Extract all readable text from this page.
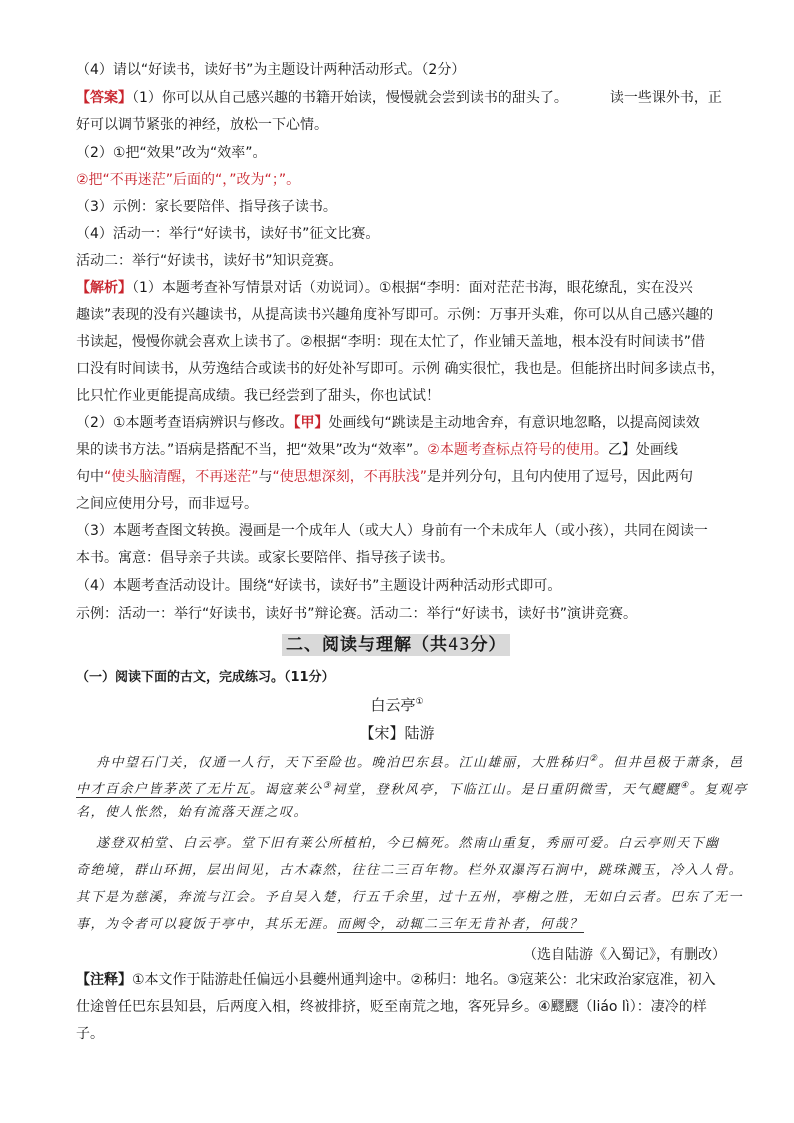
（4）请以“好读书，读好书”为主题设计两种活动形式。（2分）
【答案】（1）你可以从自己感兴趣的书籍开始读，慢慢就会尝到读书的甜头了。	读一些课外书，正
好可以调节紧张的神经，放松一下心情。
（2）①把“效果”改为“效率”。
②把“不再迷茫”后面的“，”改为“；”。
（3）示例：家长要陪伴、指导孩子读书。
（4）活动一：举行“好读书，读好书”征文比赛。
活动二：举行“好读书，读好书”知识竞赛。
【解析】（1）本题考查补写情景对话（劝说词）。①根据“李明：面对茫茫书海，眼花缭乱，实在没兴
趣读”表现的没有兴趣读书，从提高读书兴趣角度补写即可。示例：万事开头难，你可以从自己感兴趣的
书读起，慢慢你就会喜欢上读书了。②根据“李明：现在太忙了，作业铺天盖地，根本没有时间读书”借
口没有时间读书，从劳逸结合或读书的好处补写即可。示例 确实很忙，我也是。但能挤出时间多读点书，
比只忙作业更能提高成绩。我已经尝到了甜头，你也试试！
（2）①本题考查语病辨识与修改。【甲】处画线句“跳读是主动地舍弃，有意识地忽略，以提高阅读效
果的读书方法。”语病是搭配不当，把“效果”改为“效率”。②本题考查标点符号的使用。乙】处画线
句中“使头脑清醒，不再迷茫”与“使思想深刻，不再肤浅”是并列分句，且句内使用了逗号，因此两句
之间应使用分号，而非逗号。
（3）本题考查图文转换。漫画是一个成年人（或大人）身前有一个未成年人（或小孩），共同在阅读一
本书。寓意：倡导亲子共读。或家长要陪伴、指导孩子读书。
（4）本题考查活动设计。围绕“好读书，读好书”主题设计两种活动形式即可。
示例：活动一：举行“好读书，读好书”辩论赛。活动二：举行“好读书，读好书”演讲竞赛。
二、阅读与理解（共43分）
（一）阅读下面的古文，完成练习。（11分）
白云亭①
【宋】陆游
舟中望石门关，仅通一人行，天下至险也。晚泊巴东县。江山雄丽，大胜秭归②。但井邑极于萧条，邑
中才百余户皆茅茨了无片瓦。谒寇莱公③祠堂，登秋风亭，下临江山。是日重阴微雪，天气飂飂④。复观亭
名，使人怅然，始有流落天涯之叹。
遂登双柏堂、白云亭。堂下旧有莱公所植柏，今已槁死。然南山重复，秀丽可爱。白云亭则天下幽
奇绝境，群山环拥，层出间见，古木森然，往往二三百年物。栏外双瀑泻石涧中，跳珠溅玉，冷入人骨。
其下是为慈溪，奔流与江会。予自吴入楚，行五千余里，过十五州，亭榭之胜，无如白云者。巴东了无一
事，为令者可以寝饭于亭中，其乐无涯。而阙令，动辄二三年无肯补者，何哉？
（选自陆游《入蜀记》，有删改）
【注释】①本文作于陆游赴任偏远小县夔州通判途中。②秭归：地名。③寇莱公：北宋政治家寇准，初入
仕途曾任巴东县知县，后两度入相，终被排挤，贬至南荒之地，客死异乡。④飂飂（liáo lì）：凄冷的样
子。
